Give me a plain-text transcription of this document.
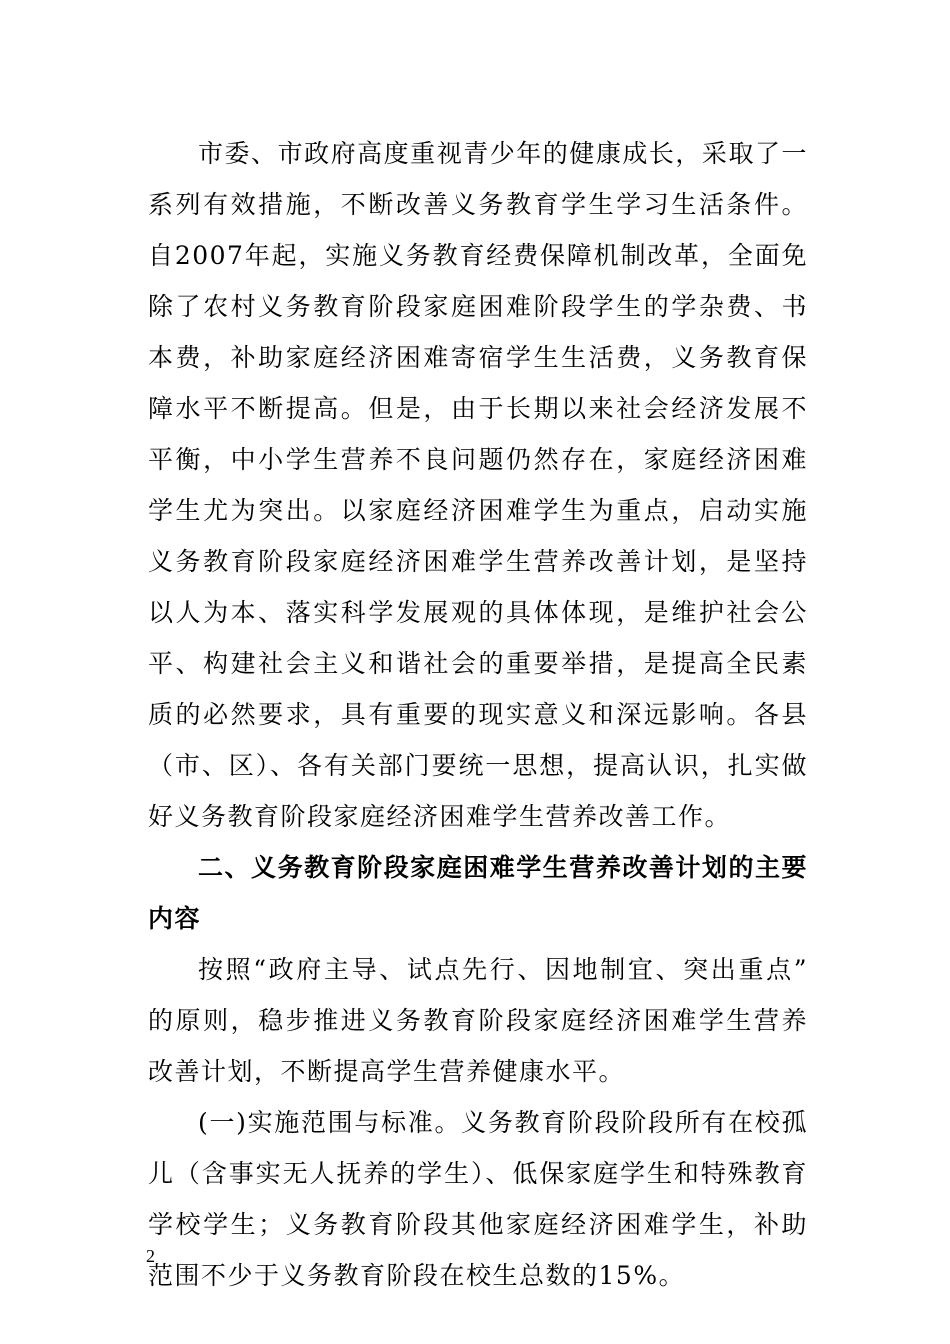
市委、市政府高度重视青少年的健康成长，采取了一系列有效措施，不断改善义务教育学生学习生活条件。自2007年起，实施义务教育经费保障机制改革，全面免除了农村义务教育阶段家庭困难阶段学生的学杂费、书本费，补助家庭经济困难寄宿学生生活费，义务教育保障水平不断提高。但是，由于长期以来社会经济发展不平衡，中小学生营养不良问题仍然存在，家庭经济困难学生尤为突出。以家庭经济困难学生为重点，启动实施义务教育阶段家庭经济困难学生营养改善计划，是坚持以人为本、落实科学发展观的具体体现，是维护社会公平、构建社会主义和谐社会的重要举措，是提高全民素质的必然要求，具有重要的现实意义和深远影响。各县（市、区）、各有关部门要统一思想，提高认识，扎实做好义务教育阶段家庭经济困难学生营养改善工作。

二、义务教育阶段家庭困难学生营养改善计划的主要内容

按照“政府主导、试点先行、因地制宜、突出重点” 的原则，稳步推进义务教育阶段家庭经济困难学生营养改善计划，不断提高学生营养健康水平。

(一)实施范围与标准。义务教育阶段阶段所有在校孤儿（含事实无人抚养的学生）、低保家庭学生和特殊教育学校学生；义务教育阶段其他家庭经济困难学生，补助范围不少于义务教育阶段在校生总数的15%。

2
